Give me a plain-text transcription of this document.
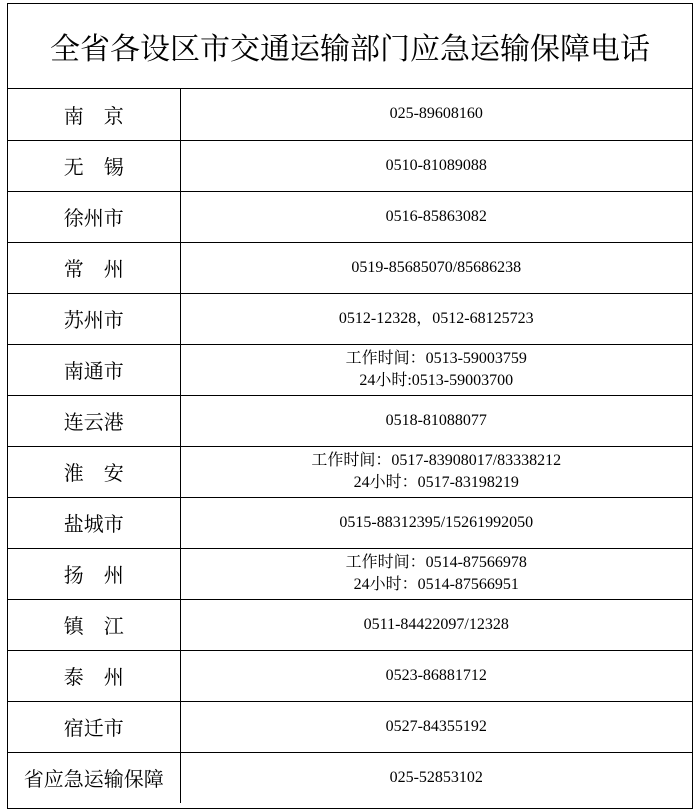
全省各设区市交通运输部门应急运输保障电话
南　京	025-89608160

无　锡	0510-81089088

徐州市	0516-85863082

常　州	0519-85685070/85686238

苏州市	0512-12328，0512-68125723

南通市	工作时间：0513-59003759
24小时:0513-59003700

连云港	0518-81088077

淮　安	工作时间：0517-83908017/83338212
24小时：0517-83198219

盐城市	0515-88312395/15261992050

扬　州	工作时间：0514-87566978
24小时：0514-87566951

镇　江	0511-84422097/12328

泰　州	0523-86881712

宿迁市	0527-84355192

省应急运输保障	025-52853102
